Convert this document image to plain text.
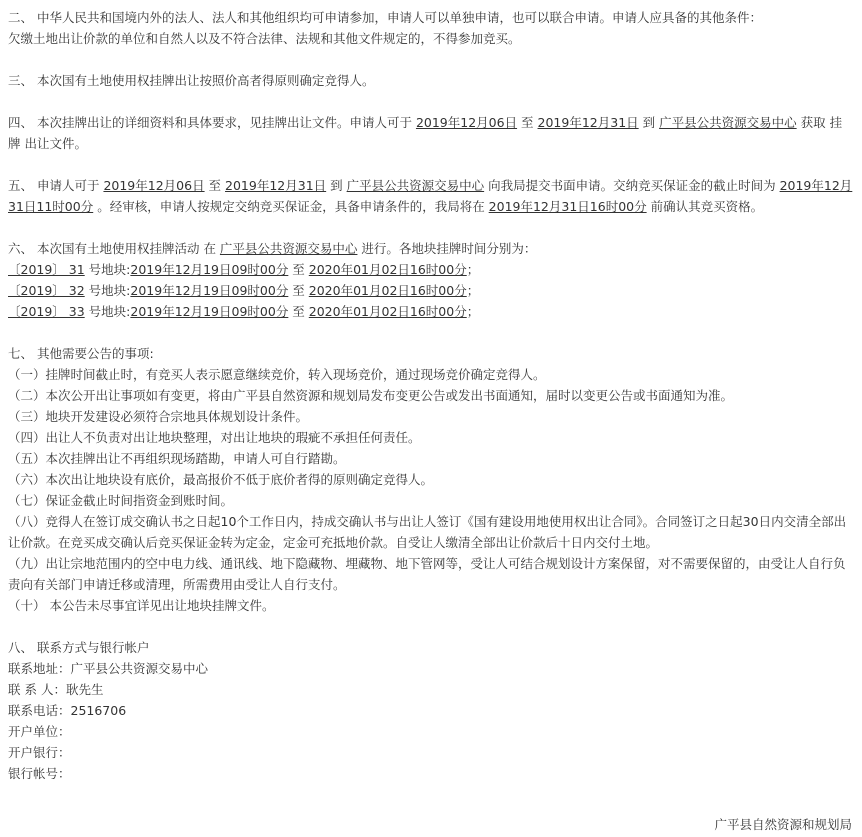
二、 中华人民共和国境内外的法人、法人和其他组织均可申请参加，申请人可以单独申请，也可以联合申请。申请人应具备的其他条件：

欠缴土地出让价款的单位和自然人以及不符合法律、法规和其他文件规定的，不得参加竞买。

三、 本次国有土地使用权挂牌出让按照价高者得原则确定竞得人。

四、 本次挂牌出让的详细资料和具体要求，见挂牌出让文件。申请人可于 2019年12月06日 至 2019年12月31日 到 广平县公共资源交易中心 获取 挂牌 出让文件。

五、 申请人可于 2019年12月06日 至 2019年12月31日 到 广平县公共资源交易中心 向我局提交书面申请。交纳竞买保证金的截止时间为 2019年12月31日11时00分 。经审核，申请人按规定交纳竞买保证金，具备申请条件的，我局将在 2019年12月31日16时00分 前确认其竞买资格。

六、 本次国有土地使用权挂牌活动 在 广平县公共资源交易中心 进行。各地块挂牌时间分别为：

〔2019〕 31 号地块:2019年12月19日09时00分 至 2020年01月02日16时00分；

〔2019〕 32 号地块:2019年12月19日09时00分 至 2020年01月02日16时00分；

〔2019〕 33 号地块:2019年12月19日09时00分 至 2020年01月02日16时00分；

七、 其他需要公告的事项:

（一）挂牌时间截止时，有竞买人表示愿意继续竞价，转入现场竞价，通过现场竞价确定竞得人。

（二）本次公开出让事项如有变更，将由广平县自然资源和规划局发布变更公告或发出书面通知，届时以变更公告或书面通知为准。

（三）地块开发建设必须符合宗地具体规划设计条件。

（四）出让人不负责对出让地块整理，对出让地块的瑕疵不承担任何责任。

（五）本次挂牌出让不再组织现场踏勘，申请人可自行踏勘。

（六）本次出让地块设有底价，最高报价不低于底价者得的原则确定竞得人。

（七）保证金截止时间指资金到账时间。

（八）竞得人在签订成交确认书之日起10个工作日内，持成交确认书与出让人签订《国有建设用地使用权出让合同》。合同签订之日起30日内交清全部出让价款。在竞买成交确认后竞买保证金转为定金，定金可充抵地价款。自受让人缴清全部出让价款后十日内交付土地。

（九）出让宗地范围内的空中电力线、通讯线、地下隐藏物、埋藏物、地下管网等，受让人可结合规划设计方案保留，对不需要保留的，由受让人自行负责向有关部门申请迁移或清理，所需费用由受让人自行支付。

（十） 本公告未尽事宜详见出让地块挂牌文件。

八、 联系方式与银行帐户

联系地址：广平县公共资源交易中心

联 系 人：耿先生

联系电话：2516706

开户单位：

开户银行：

银行帐号：

广平县自然资源和规划局
